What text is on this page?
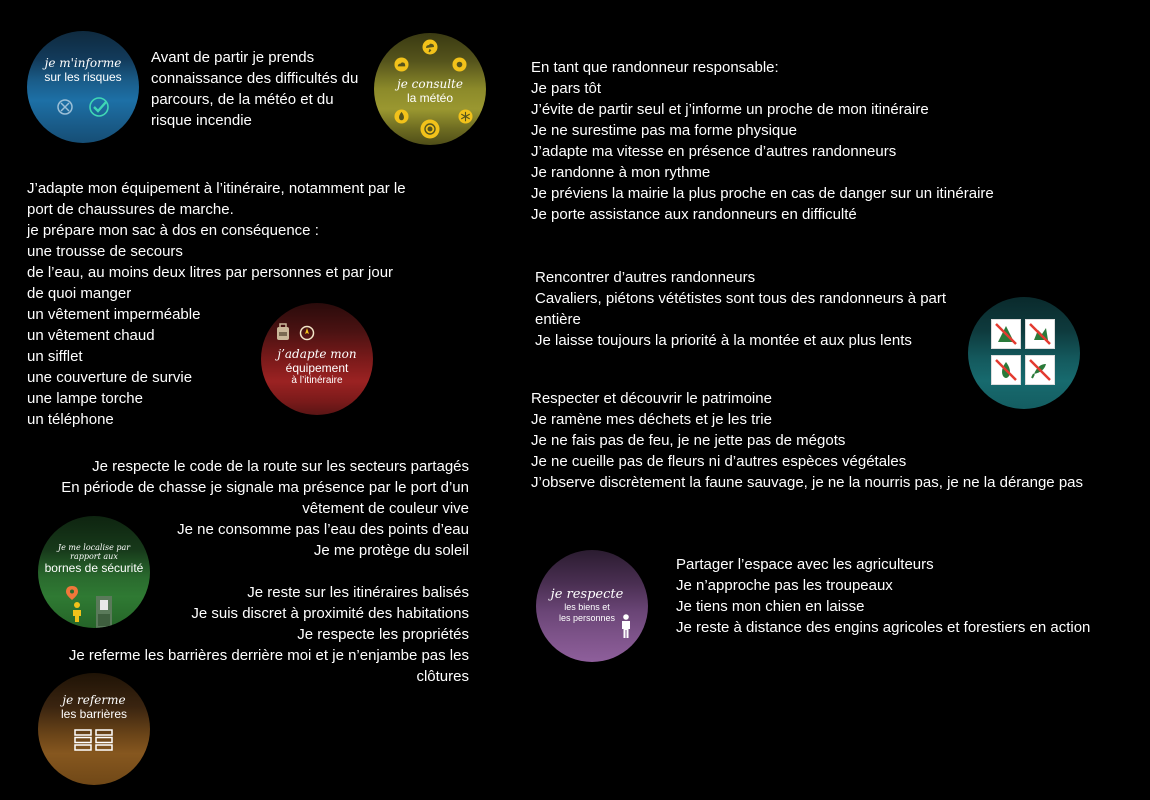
je m'informe
sur les risques
Avant de partir je prends
connaissance des difficultés du
parcours, de la météo et du
risque incendie
je consulte
la météo
En tant que randonneur responsable:
Je pars tôt
J’évite de partir seul et j’informe un proche de mon itinéraire
Je ne surestime pas ma forme physique
J’adapte ma vitesse en présence d’autres randonneurs
Je randonne à mon rythme
Je préviens la mairie la plus proche en cas de danger sur un itinéraire
Je porte assistance aux randonneurs en difficulté
J’adapte mon équipement à l’itinéraire, notamment par le
port de chaussures de marche.
je prépare mon sac à dos en conséquence :
une trousse de secours
de l’eau, au moins deux litres par personnes et par jour
de quoi manger
un vêtement imperméable
un vêtement chaud
un sifflet
une couverture de survie
une lampe torche
un téléphone
j’adapte mon
équipement
à l’itinéraire
Rencontrer d’autres randonneurs
Cavaliers, piétons vététistes sont tous des randonneurs à part
entière
Je laisse toujours la priorité à la montée et aux plus lents
Respecter et découvrir le patrimoine
Je ramène mes déchets et je les trie
Je ne fais pas de feu, je ne jette pas de mégots
Je ne cueille pas de fleurs ni d’autres espèces végétales
J’observe discrètement la faune sauvage, je ne la nourris pas, je ne la dérange pas
Je respecte le code de la route sur les secteurs partagés
En période de chasse je signale ma présence par le port d’un
vêtement de couleur vive
Je ne consomme pas l’eau des points d’eau
Je me protège du soleil
Je me localise par
rapport aux
bornes de sécurité
Je reste sur les itinéraires balisés
Je suis discret à proximité des habitations
Je respecte les propriétés
Je referme les barrières derrière moi et je n’enjambe pas les
clôtures
je referme
les barrières
je respecte
les biens et
les personnes
Partager l’espace avec les agriculteurs
Je n’approche pas les troupeaux
Je tiens mon chien en laisse
Je reste à distance des engins agricoles et forestiers en action
